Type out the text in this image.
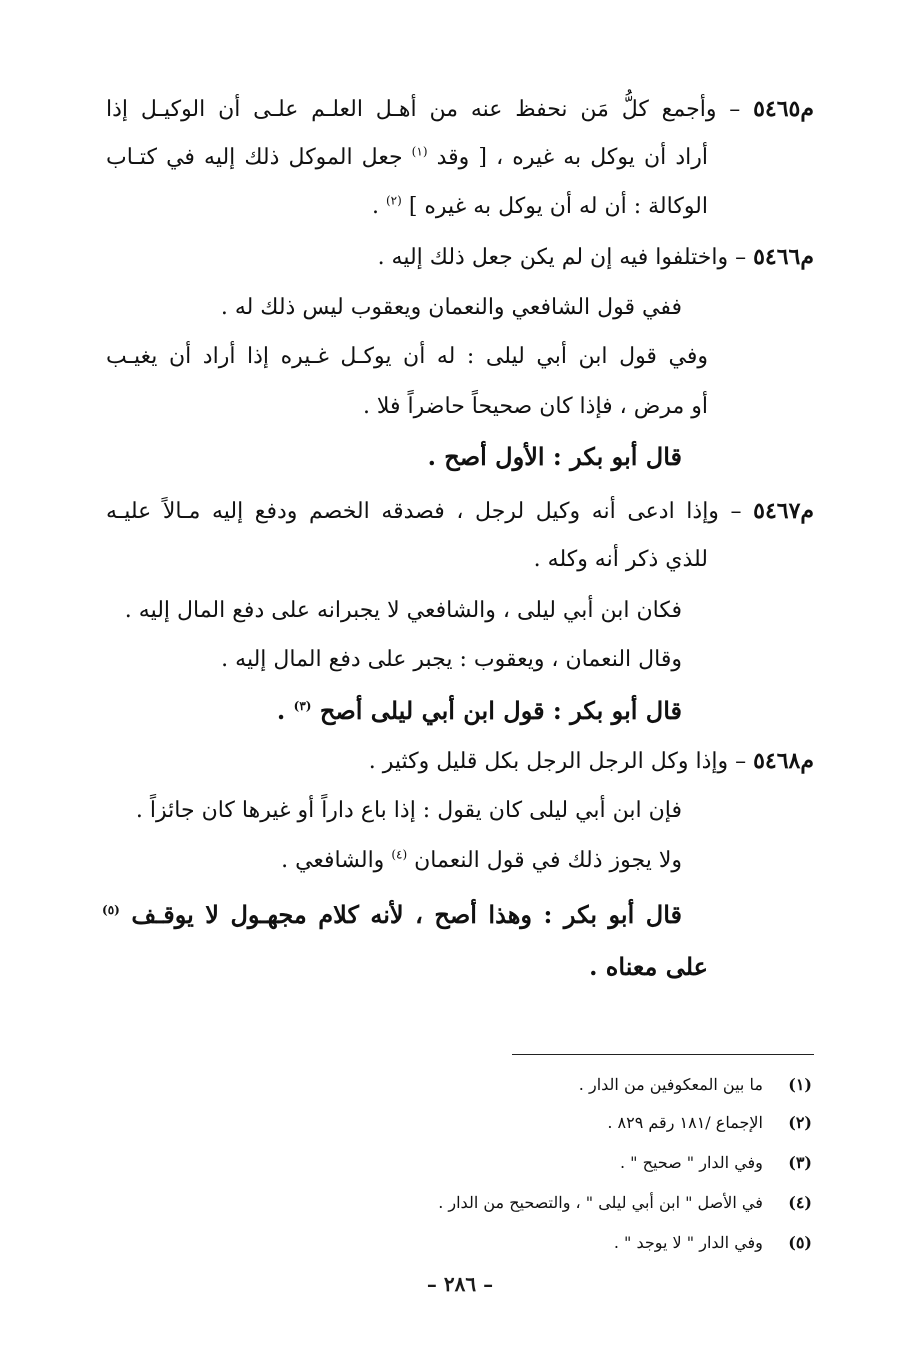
م٥٤٦٥ – وأجمع كلُّ مَن نحفظ عنه من أهـل العلـم علـى أن الوكيـل إذا
أراد أن يوكل به غيره ، [ وقد $^{(١)}$ جعل الموكل ذلك إليه في كتـاب
الوكالة : أن له أن يوكل به غيره ] $^{(٢)}$ .
م٥٤٦٦ – واختلفوا فيه إن لم يكن جعل ذلك إليه .
ففي قول الشافعي والنعمان ويعقوب ليس ذلك له .
وفي قول ابن أبي ليلى : له أن يوكـل غـيره إذا أراد أن يغيـب
أو مرض ، فإذا كان صحيحاً حاضراً فلا .
قال أبو بكر : الأول أصح .
م٥٤٦٧ – وإذا ادعى أنه وكيل لرجل ، فصدقه الخصم ودفع إليه مـالاً عليـه
للذي ذكر أنه وكله .
فكان ابن أبي ليلى ، والشافعي لا يجبرانه على دفع المال إليه .
وقال النعمان ، ويعقوب : يجبر على دفع المال إليه .
قال أبو بكر : قول ابن أبي ليلى أصح $^{(٣)}$ .
م٥٤٦٨ – وإذا وكل الرجل الرجل بكل قليل وكثير .
فإن ابن أبي ليلى كان يقول : إذا باع داراً أو غيرها كان جائزاً .
ولا يجوز ذلك في قول النعمان $^{(٤)}$ والشافعي .
قال أبو بكر : وهذا أصح ، لأنه كلام مجهـول لا يوقـف $^{(٥)}$
على معناه .
(١) ما بين المعكوفين من الدار .
(٢) الإجماع /١٨١ رقم ٨٢٩ .
(٣) وفي الدار " صحيح " .
(٤) في الأصل " ابن أبي ليلى " ، والتصحيح من الدار .
(٥) وفي الدار " لا يوجد " .
– ٢٨٦ –
